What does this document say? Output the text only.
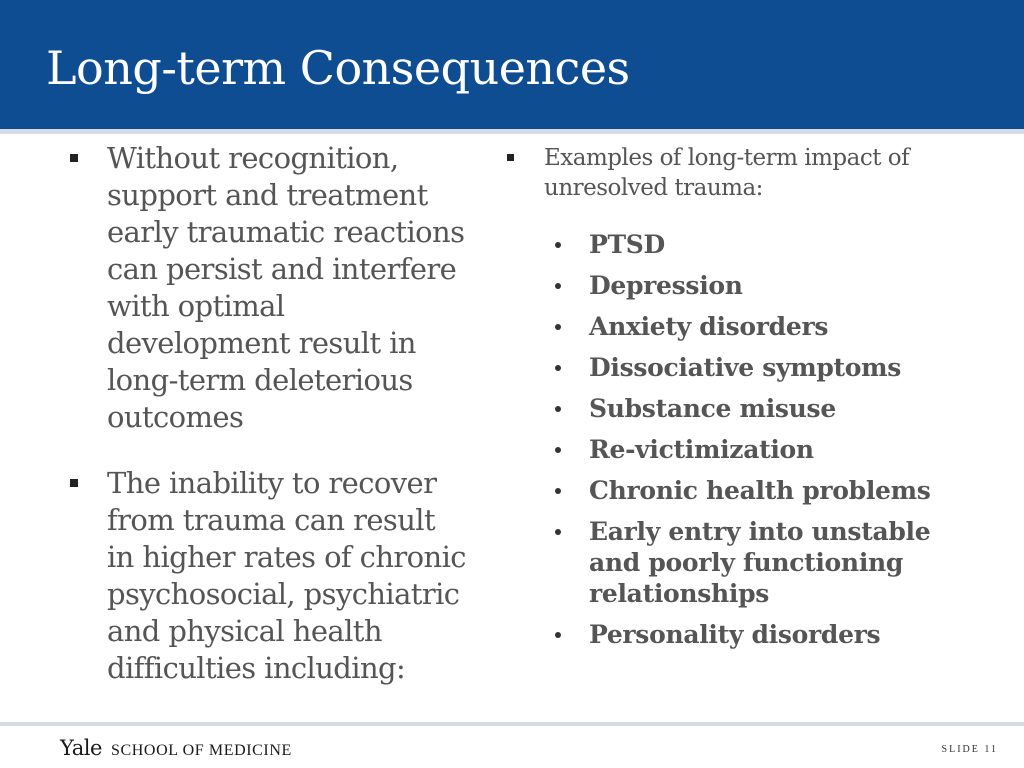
Long-term Consequences
Without recognition, support and treatment early traumatic reactions can persist and interfere with optimal development result in long-term deleterious outcomes
The inability to recover from trauma can result in higher rates of chronic psychosocial, psychiatric and physical health difficulties including:
Examples of long-term impact of unresolved trauma:
PTSD
Depression
Anxiety disorders
Dissociative symptoms
Substance misuse
Re-victimization
Chronic health problems
Early entry into unstable and poorly functioning relationships
Personality disorders
Yale SCHOOL OF MEDICINE	SLIDE 11
